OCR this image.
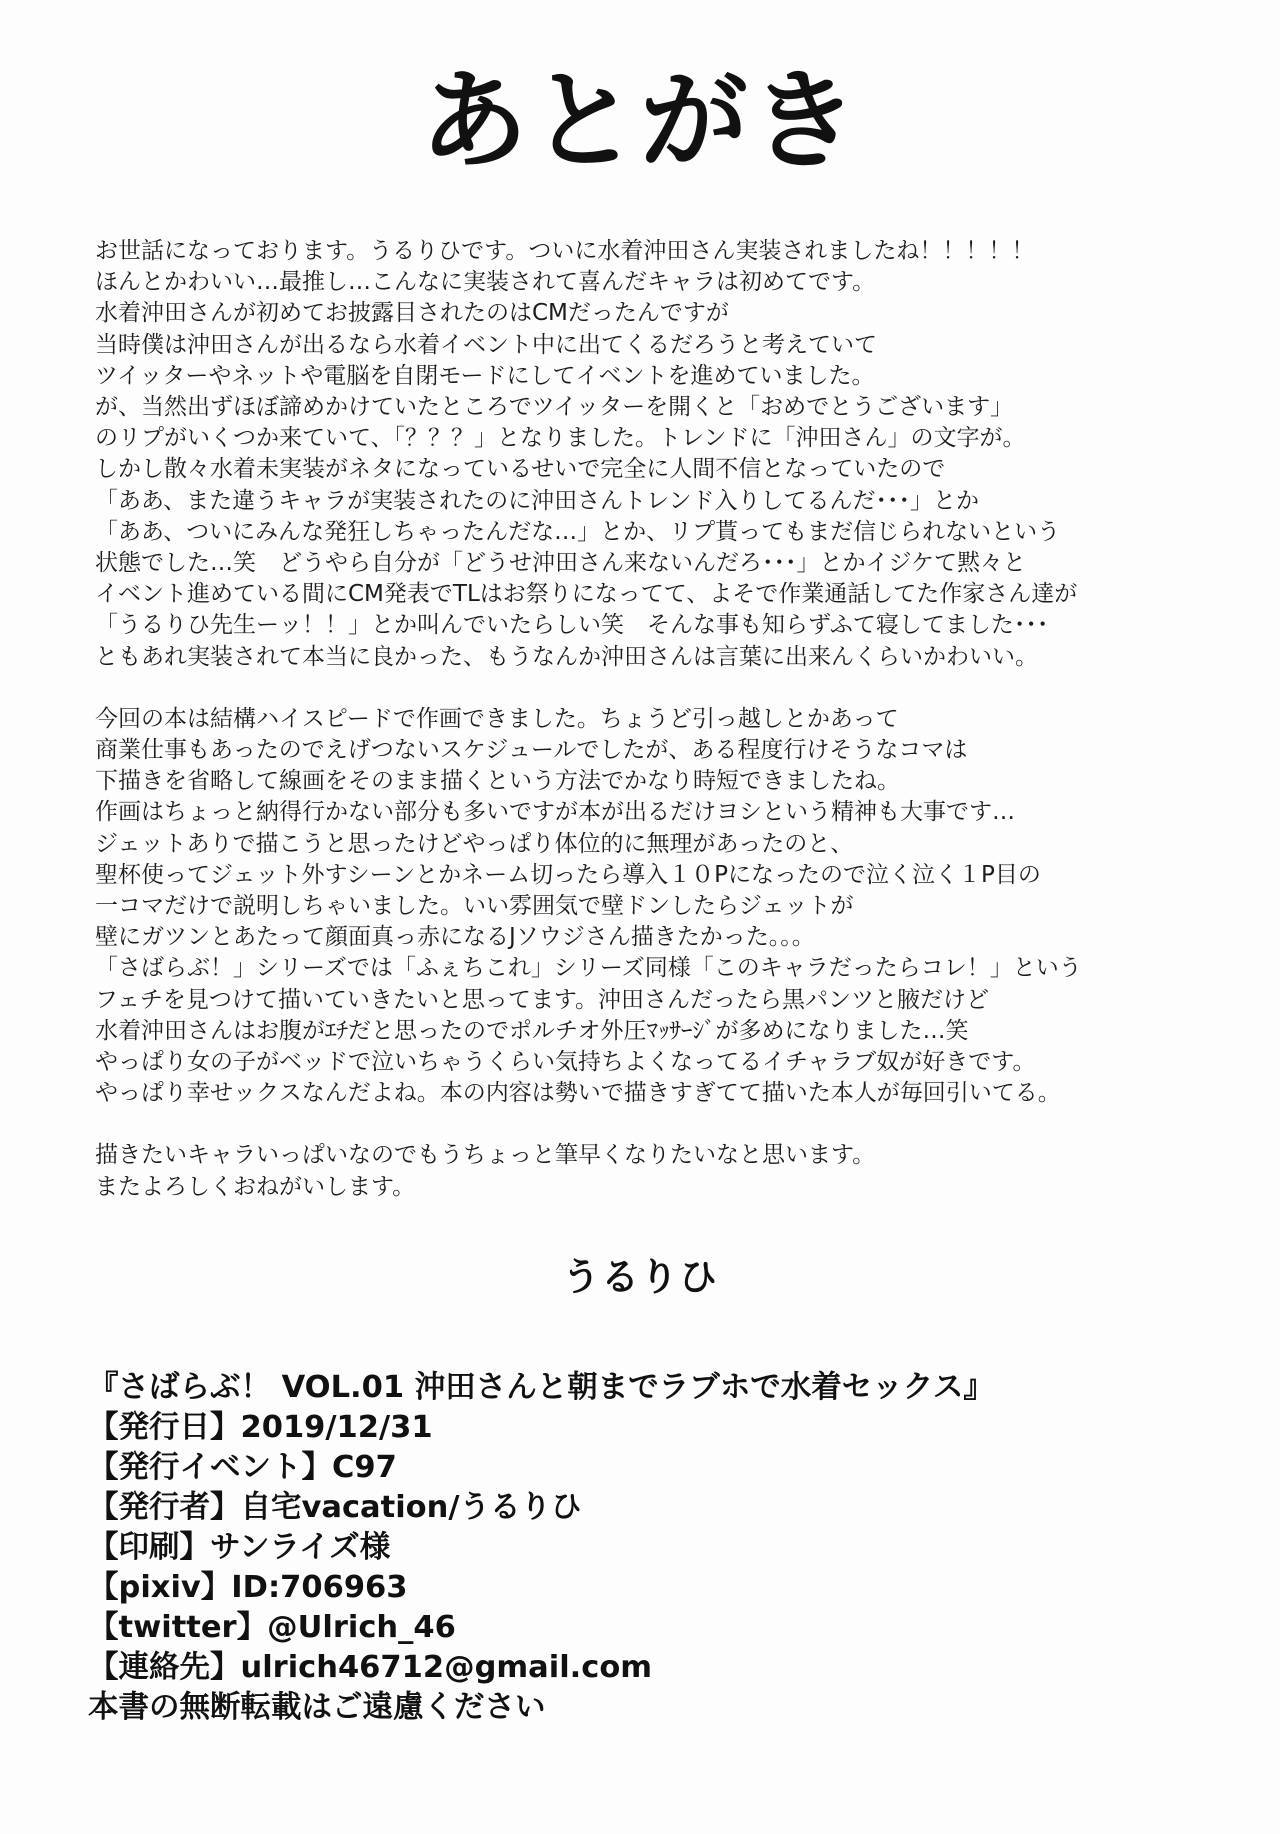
あとがき
お世話になっております。うるりひです。ついに水着沖田さん実装されましたね！！！！！
ほんとかわいい…最推し…こんなに実装されて喜んだキャラは初めてです。
水着沖田さんが初めてお披露目されたのはCMだったんですが
当時僕は沖田さんが出るなら水着イベント中に出てくるだろうと考えていて
ツイッターやネットや電脳を自閉モードにしてイベントを進めていました。
が、当然出ずほぼ諦めかけていたところでツイッターを開くと「おめでとうございます」
のリプがいくつか来ていて、「？？？」となりました。トレンドに「沖田さん」の文字が。
しかし散々水着未実装がネタになっているせいで完全に人間不信となっていたので
「ああ、また違うキャラが実装されたのに沖田さんトレンド入りしてるんだ･･･」とか
「ああ、ついにみんな発狂しちゃったんだな…」とか、リプ貰ってもまだ信じられないという
状態でした…笑　どうやら自分が「どうせ沖田さん来ないんだろ･･･」とかイジケて黙々と
イベント進めている間にCM発表でTLはお祭りになってて、よそで作業通話してた作家さん達が
「うるりひ先生ーッ！！」とか叫んでいたらしい笑　そんな事も知らずふて寝してました･･･
ともあれ実装されて本当に良かった、もうなんか沖田さんは言葉に出来んくらいかわいい。
今回の本は結構ハイスピードで作画できました。ちょうど引っ越しとかあって
商業仕事もあったのでえげつないスケジュールでしたが、ある程度行けそうなコマは
下描きを省略して線画をそのまま描くという方法でかなり時短できましたね。
作画はちょっと納得行かない部分も多いですが本が出るだけヨシという精神も大事です…
ジェットありで描こうと思ったけどやっぱり体位的に無理があったのと、
聖杯使ってジェット外すシーンとかネーム切ったら導入１０Pになったので泣く泣く１P目の
一コマだけで説明しちゃいました。いい雰囲気で壁ドンしたらジェットが
壁にガツンとあたって顔面真っ赤になるJソウジさん描きたかった。。。
「さばらぶ！」シリーズでは「ふぇちこれ」シリーズ同様「このキャラだったらコレ！」という
フェチを見つけて描いていきたいと思ってます。沖田さんだったら黒パンツと腋だけど
水着沖田さんはお腹がｴﾁだと思ったのでポルチオ外圧ﾏｯｻｰｼﾞが多めになりました…笑
やっぱり女の子がベッドで泣いちゃうくらい気持ちよくなってるイチャラブ奴が好きです。
やっぱり幸せックスなんだよね。本の内容は勢いで描きすぎてて描いた本人が毎回引いてる。
描きたいキャラいっぱいなのでもうちょっと筆早くなりたいなと思います。
またよろしくおねがいします。
うるりひ
『さばらぶ！ VOL.01 沖田さんと朝までラブホで水着セックス』
【発行日】2019/12/31
【発行イベント】C97
【発行者】自宅vacation/うるりひ
【印刷】サンライズ様
【pixiv】ID:706963
【twitter】@Ulrich_46
【連絡先】ulrich46712@gmail.com
本書の無断転載はご遠慮ください
